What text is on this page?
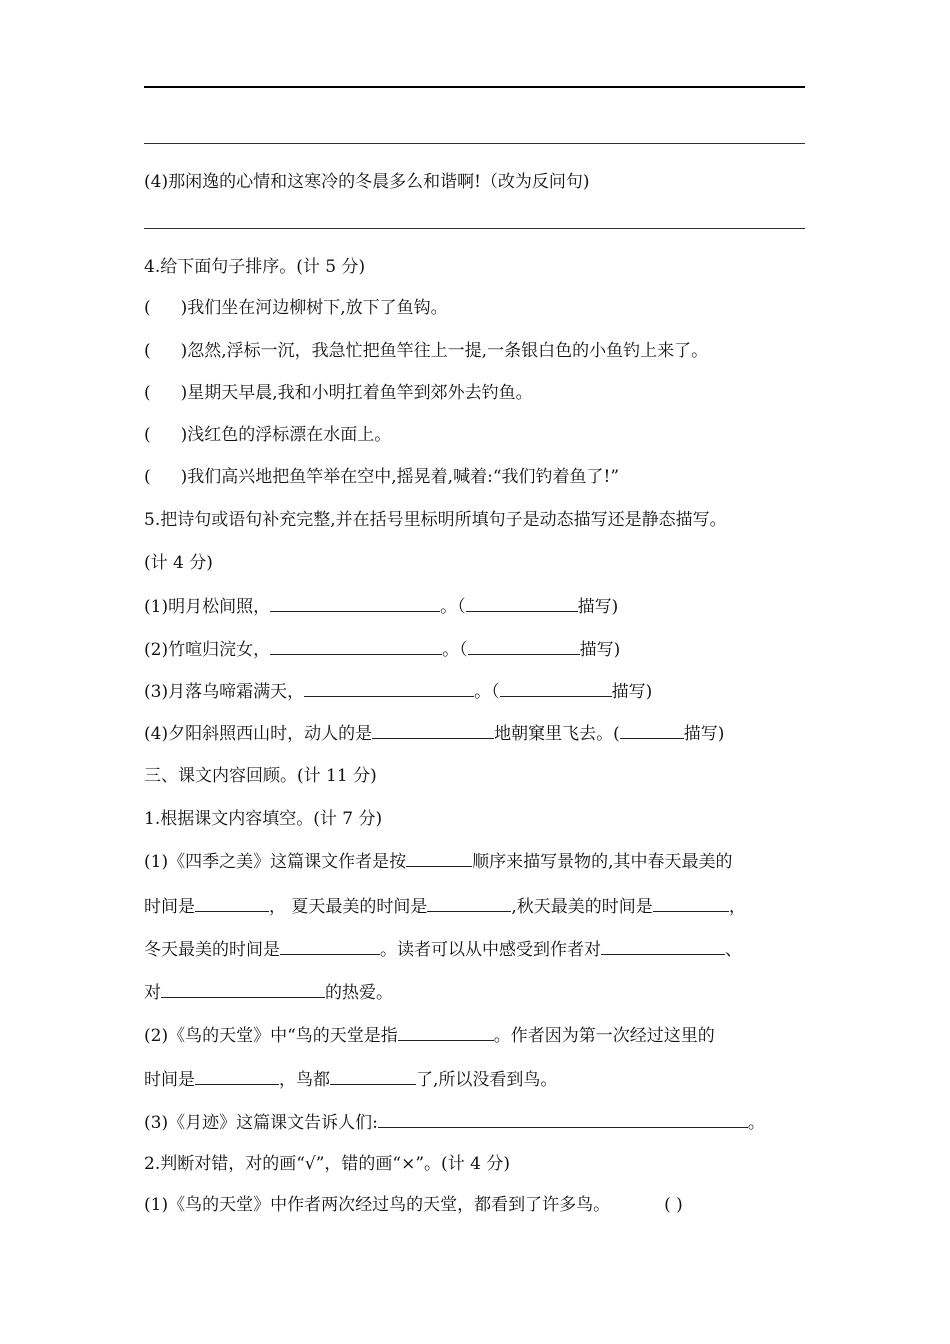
(4)那闲逸的心情和这寒冷的冬晨多么和谐啊!（改为反问句)
4.给下面句子排序。(计 5 分)
( )我们坐在河边柳树下,放下了鱼钩。
( )忽然,浮标一沉，我急忙把鱼竿往上一提,一条银白色的小鱼钓上来了。
( )星期天早晨,我和小明扛着鱼竿到郊外去钓鱼。
( )浅红色的浮标漂在水面上。
( )我们高兴地把鱼竿举在空中,摇晃着,喊着:“我们钓着鱼了!”
5.把诗句或语句补充完整,并在括号里标明所填句子是动态描写还是静态描写。
(计 4 分)
(1)明月松间照，	。（	描写)
(2)竹喧归浣女，	。（	描写)
(3)月落乌啼霜满天，	。（	描写)
(4)夕阳斜照西山时，动人的是	地朝窠里飞去。(	描写)
三、课文内容回顾。(计 11 分)
1.根据课文内容填空。(计 7 分)
(1)《四季之美》这篇课文作者是按	顺序来描写景物的,其中春天最美的
时间是	， 夏天最美的时间是	,秋天最美的时间是	，
冬天最美的时间是	。读者可以从中感受到作者对	、
对	的热爱。
(2)《鸟的天堂》中“鸟的天堂是指	。作者因为第一次经过这里的
时间是	，鸟都	了,所以没看到鸟。
(3)《月迹》这篇课文告诉人们:	。
2.判断对错，对的画“√”，错的画“×”。(计 4 分)
(1)《鸟的天堂》中作者两次经过鸟的天堂，都看到了许多鸟。	( )
